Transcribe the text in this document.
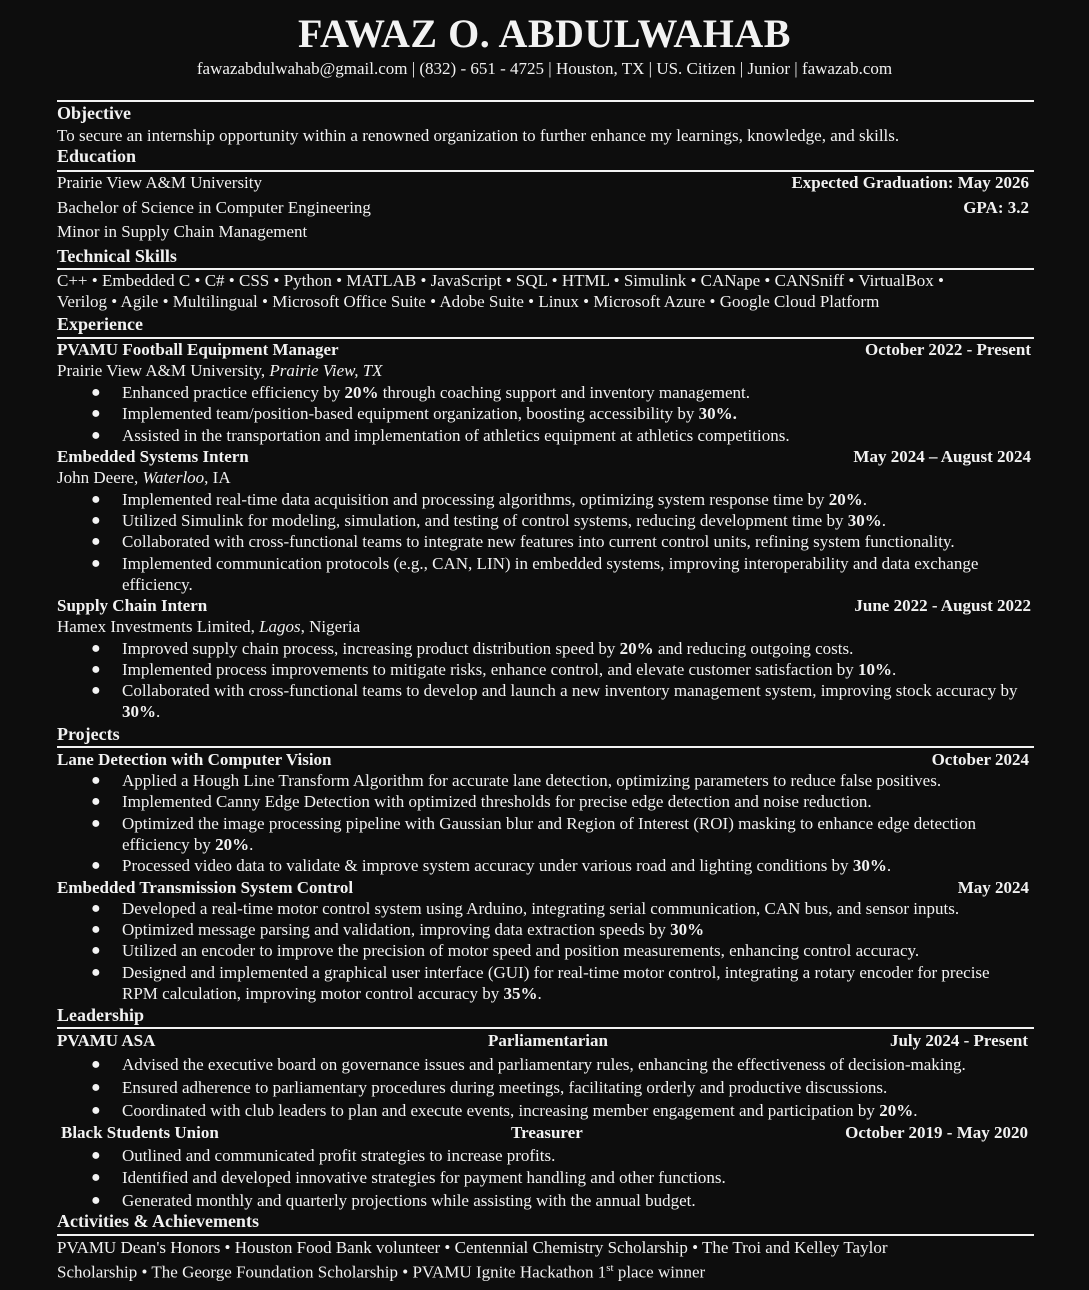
FAWAZ O. ABDULWAHAB
fawazabdulwahab@gmail.com | (832) - 651 - 4725 | Houston, TX | US. Citizen | Junior | fawazab.com
Objective
To secure an internship opportunity within a renowned organization to further enhance my learnings, knowledge, and skills.
Education
Prairie View A&M University	Expected Graduation: May 2026
Bachelor of Science in Computer Engineering	GPA: 3.2
Minor in Supply Chain Management
Technical Skills
C++ • Embedded C • C# • CSS • Python • MATLAB • JavaScript • SQL • HTML • Simulink • CANape • CANSniff • VirtualBox •
Verilog • Agile • Multilingual • Microsoft Office Suite • Adobe Suite • Linux • Microsoft Azure • Google Cloud Platform
Experience
PVAMU Football Equipment Manager	October 2022 - Present
Prairie View A&M University, Prairie View, TX
● Enhanced practice efficiency by 20% through coaching support and inventory management.
● Implemented team/position-based equipment organization, boosting accessibility by 30%.
● Assisted in the transportation and implementation of athletics equipment at athletics competitions.
Embedded Systems Intern	May 2024 – August 2024
John Deere, Waterloo, IA
● Implemented real-time data acquisition and processing algorithms, optimizing system response time by 20%.
● Utilized Simulink for modeling, simulation, and testing of control systems, reducing development time by 30%.
● Collaborated with cross-functional teams to integrate new features into current control units, refining system functionality.
● Implemented communication protocols (e.g., CAN, LIN) in embedded systems, improving interoperability and data exchange efficiency.
Supply Chain Intern	June 2022 - August 2022
Hamex Investments Limited, Lagos, Nigeria
● Improved supply chain process, increasing product distribution speed by 20% and reducing outgoing costs.
● Implemented process improvements to mitigate risks, enhance control, and elevate customer satisfaction by 10%.
● Collaborated with cross-functional teams to develop and launch a new inventory management system, improving stock accuracy by 30%.
Projects
Lane Detection with Computer Vision	October 2024
● Applied a Hough Line Transform Algorithm for accurate lane detection, optimizing parameters to reduce false positives.
● Implemented Canny Edge Detection with optimized thresholds for precise edge detection and noise reduction.
● Optimized the image processing pipeline with Gaussian blur and Region of Interest (ROI) masking to enhance edge detection efficiency by 20%.
● Processed video data to validate & improve system accuracy under various road and lighting conditions by 30%.
Embedded Transmission System Control	May 2024
● Developed a real-time motor control system using Arduino, integrating serial communication, CAN bus, and sensor inputs.
● Optimized message parsing and validation, improving data extraction speeds by 30%
● Utilized an encoder to improve the precision of motor speed and position measurements, enhancing control accuracy.
● Designed and implemented a graphical user interface (GUI) for real-time motor control, integrating a rotary encoder for precise RPM calculation, improving motor control accuracy by 35%.
Leadership
PVAMU ASA	Parliamentarian	July 2024 - Present
● Advised the executive board on governance issues and parliamentary rules, enhancing the effectiveness of decision-making.
● Ensured adherence to parliamentary procedures during meetings, facilitating orderly and productive discussions.
● Coordinated with club leaders to plan and execute events, increasing member engagement and participation by 20%.
Black Students Union	Treasurer	October 2019 - May 2020
● Outlined and communicated profit strategies to increase profits.
● Identified and developed innovative strategies for payment handling and other functions.
● Generated monthly and quarterly projections while assisting with the annual budget.
Activities & Achievements
PVAMU Dean's Honors • Houston Food Bank volunteer • Centennial Chemistry Scholarship • The Troi and Kelley Taylor
Scholarship • The George Foundation Scholarship • PVAMU Ignite Hackathon 1st place winner
